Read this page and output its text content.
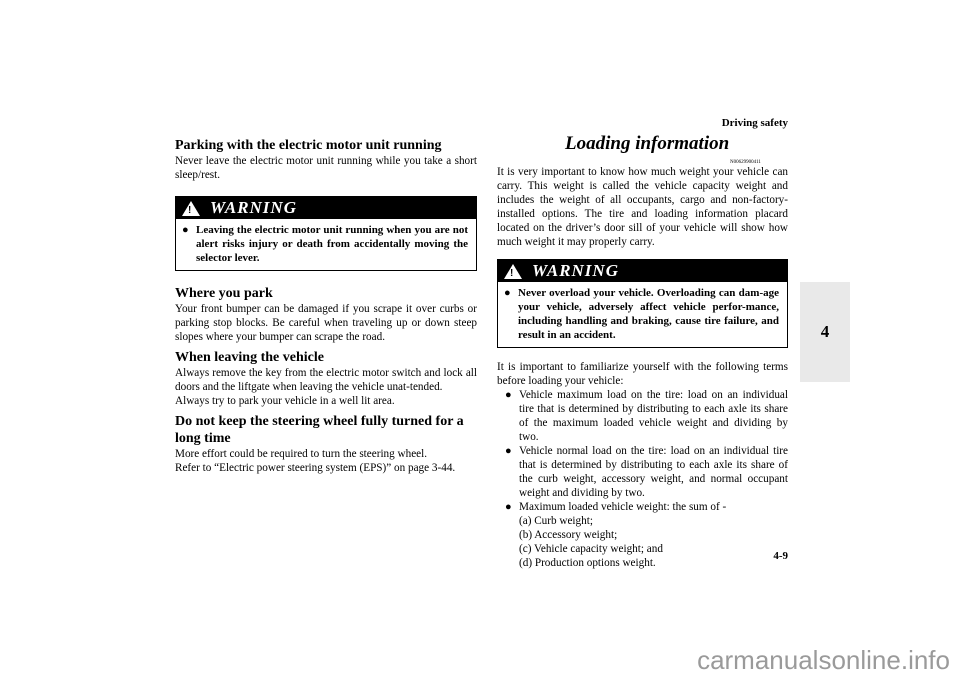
Driving safety
4-9
4
Parking with the electric motor unit running

Never leave the electric motor unit running while you take a short sleep/rest.

! WARNING
● Leaving the electric motor unit running when you are not alert risks injury or death from accidentally moving the selector lever.

Where you park

Your front bumper can be damaged if you scrape it over curbs or parking stop blocks. Be careful when traveling up or down steep slopes where your bumper can scrape the road.

When leaving the vehicle

Always remove the key from the electric motor switch and lock all doors and the liftgate when leaving the vehicle unat-tended.

Always try to park your vehicle in a well lit area.

Do not keep the steering wheel fully turned for a long time

More effort could be required to turn the steering wheel.

Refer to “Electric power steering system (EPS)” on page 3-44.

Loading information
N00629900411

It is very important to know how much weight your vehicle can carry. This weight is called the vehicle capacity weight and includes the weight of all occupants, cargo and non-factory-installed options. The tire and loading information placard located on the driver’s door sill of your vehicle will show how much weight it may properly carry.

! WARNING
● Never overload your vehicle. Overloading can dam-age your vehicle, adversely affect vehicle perfor-mance, including handling and braking, cause tire failure, and result in an accident.

It is important to familiarize yourself with the following terms before loading your vehicle:

● Vehicle maximum load on the tire: load on an individual tire that is determined by distributing to each axle its share of the maximum loaded vehicle weight and dividing by two.
● Vehicle normal load on the tire: load on an individual tire that is determined by distributing to each axle its share of the curb weight, accessory weight, and normal occupant weight and dividing by two.
● Maximum loaded vehicle weight: the sum of -
(a) Curb weight;
(b) Accessory weight;
(c) Vehicle capacity weight; and
(d) Production options weight.
carmanualsonline.info
